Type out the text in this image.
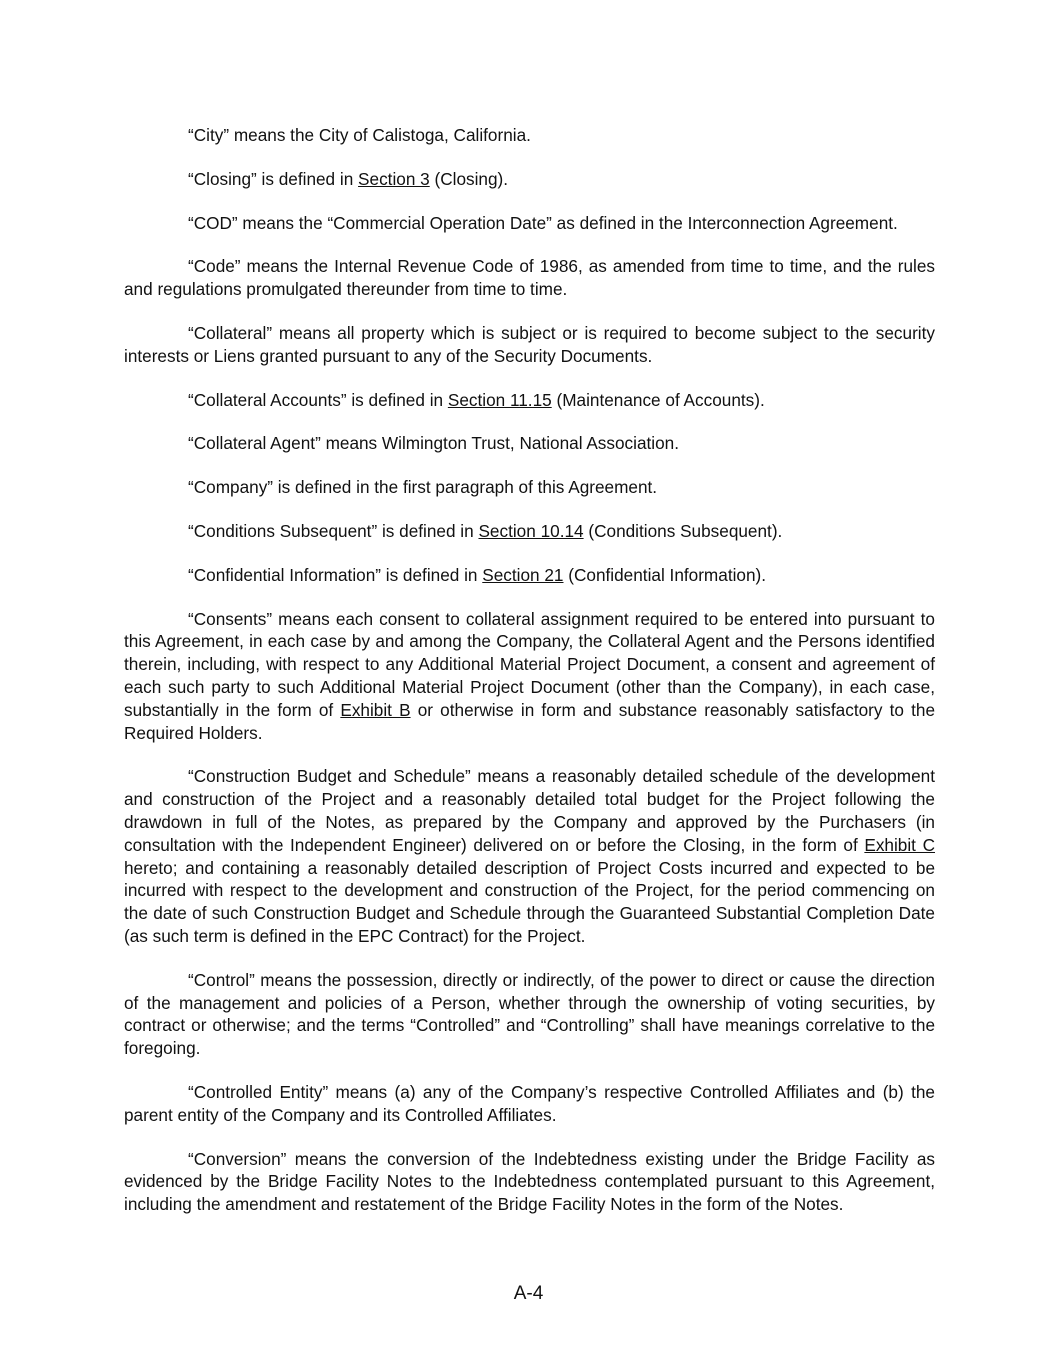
“City” means the City of Calistoga, California.

“Closing” is defined in Section 3 (Closing).

“COD” means the “Commercial Operation Date” as defined in the Interconnection Agreement.

“Code” means the Internal Revenue Code of 1986, as amended from time to time, and the rules and regulations promulgated thereunder from time to time.

“Collateral” means all property which is subject or is required to become subject to the security interests or Liens granted pursuant to any of the Security Documents.

“Collateral Accounts” is defined in Section 11.15 (Maintenance of Accounts).

“Collateral Agent” means Wilmington Trust, National Association.

“Company” is defined in the first paragraph of this Agreement.

“Conditions Subsequent” is defined in Section 10.14 (Conditions Subsequent).

“Confidential Information” is defined in Section 21 (Confidential Information).

“Consents” means each consent to collateral assignment required to be entered into pursuant to this Agreement, in each case by and among the Company, the Collateral Agent and the Persons identified therein, including, with respect to any Additional Material Project Document, a consent and agreement of each such party to such Additional Material Project Document (other than the Company), in each case, substantially in the form of Exhibit B or otherwise in form and substance reasonably satisfactory to the Required Holders.

“Construction Budget and Schedule” means a reasonably detailed schedule of the development and construction of the Project and a reasonably detailed total budget for the Project following the drawdown in full of the Notes, as prepared by the Company and approved by the Purchasers (in consultation with the Independent Engineer) delivered on or before the Closing, in the form of Exhibit C hereto; and containing a reasonably detailed description of Project Costs incurred and expected to be incurred with respect to the development and construction of the Project, for the period commencing on the date of such Construction Budget and Schedule through the Guaranteed Substantial Completion Date (as such term is defined in the EPC Contract) for the Project.

“Control” means the possession, directly or indirectly, of the power to direct or cause the direction of the management and policies of a Person, whether through the ownership of voting securities, by contract or otherwise; and the terms “Controlled” and “Controlling” shall have meanings correlative to the foregoing.

“Controlled Entity” means (a) any of the Company’s respective Controlled Affiliates and (b) the parent entity of the Company and its Controlled Affiliates.

“Conversion” means the conversion of the Indebtedness existing under the Bridge Facility as evidenced by the Bridge Facility Notes to the Indebtedness contemplated pursuant to this Agreement, including the amendment and restatement of the Bridge Facility Notes in the form of the Notes.

A-4
